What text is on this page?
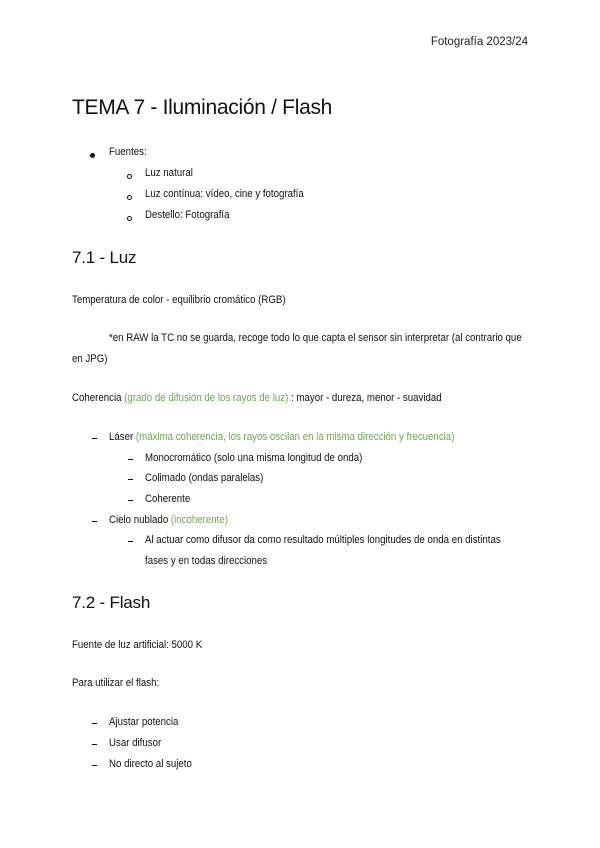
Fotografía 2023/24
TEMA 7 - Iluminación / Flash
Fuentes:
Luz natural
Luz contínua: vídeo, cine y fotografía
Destello: Fotografía
7.1 - Luz
Temperatura de color - equilibrio cromático (RGB)
*en RAW la TC no se guarda, recoge todo lo que capta el sensor sin interpretar (al contrario que
en JPG)
Coherencia (grado de difusión de los rayos de luz) : mayor - dureza, menor - suavidad
Láser (máxima coherencia, los rayos oscilan en la misma dirección y frecuencia)
Monocromático (solo una misma longitud de onda)
Colimado (ondas paralelas)
Coherente
Cielo nublado (incoherente)
Al actuar como difusor da como resultado múltiples longitudes de onda en distintas
fases y en todas direcciones
7.2 - Flash
Fuente de luz artificial: 5000 K
Para utilizar el flash:
Ajustar potencia
Usar difusor
No directo al sujeto
